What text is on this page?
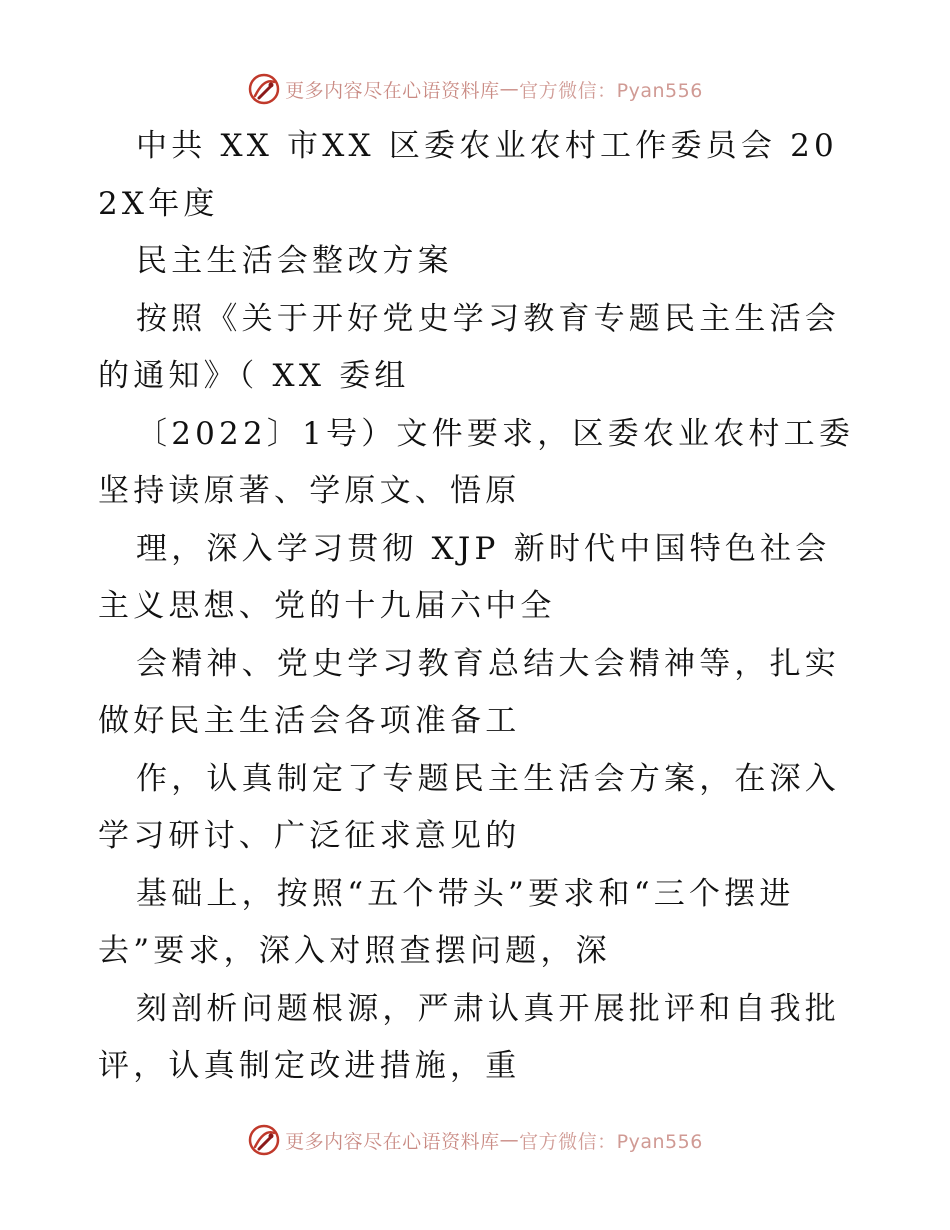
更多内容尽在心语资料库 — 官方微信：Pyan556

中共 XX 市XX 区委农业农村工作委员会 202X年度

民主生活会整改方案

按照《关于开好党史学习教育专题民主生活会的通知》（ XX 委组

〔2022〕1号）文件要求，区委农业农村工委坚持读原著、学原文、悟原

理，深入学习贯彻 XJP 新时代中国特色社会主义思想、党的十九届六中全

会精神、党史学习教育总结大会精神等，扎实做好民主生活会各项准备工

作，认真制定了专题民主生活会方案，在深入学习研讨、广泛征求意见的

基础上，按照“五个带头”要求和“三个摆进去”要求，深入对照查摆问题，深

刻剖析问题根源，严肃认真开展批评和自我批评，认真制定改进措施，重

更多内容尽在心语资料库 — 官方微信：Pyan556
